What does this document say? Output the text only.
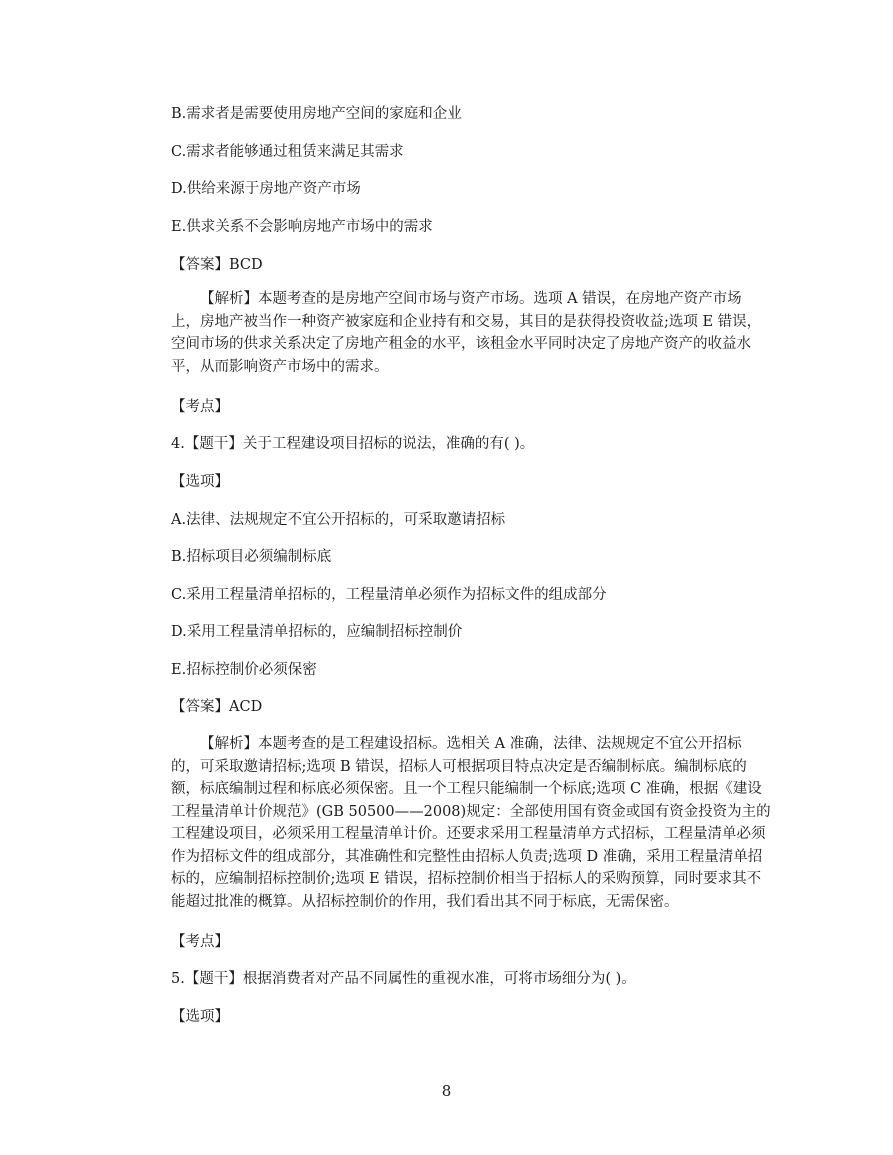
B.需求者是需要使用房地产空间的家庭和企业
C.需求者能够通过租赁来满足其需求
D.供给来源于房地产资产市场
E.供求关系不会影响房地产市场中的需求
【答案】BCD
【解析】本题考查的是房地产空间市场与资产市场。选项 A 错误，在房地产资产市场
上，房地产被当作一种资产被家庭和企业持有和交易，其目的是获得投资收益;选项 E 错误，
空间市场的供求关系决定了房地产租金的水平，该租金水平同时决定了房地产资产的收益水
平，从而影响资产市场中的需求。
【考点】
4.【题干】关于工程建设项目招标的说法，准确的有( )。
【选项】
A.法律、法规规定不宜公开招标的，可采取邀请招标
B.招标项目必须编制标底
C.采用工程量清单招标的，工程量清单必须作为招标文件的组成部分
D.采用工程量清单招标的，应编制招标控制价
E.招标控制价必须保密
【答案】ACD
【解析】本题考查的是工程建设招标。选相关 A 准确，法律、法规规定不宜公开招标
的，可采取邀请招标;选项 B 错误，招标人可根据项目特点决定是否编制标底。编制标底的
额，标底编制过程和标底必须保密。且一个工程只能编制一个标底;选项 C 准确，根据《建设
工程量清单计价规范》(GB 50500——2008)规定：全部使用国有资金或国有资金投资为主的
工程建设项目，必须采用工程量清单计价。还要求采用工程量清单方式招标，工程量清单必须
作为招标文件的组成部分，其准确性和完整性由招标人负责;选项 D 准确，采用工程量清单招
标的，应编制招标控制价;选项 E 错误，招标控制价相当于招标人的采购预算，同时要求其不
能超过批准的概算。从招标控制价的作用，我们看出其不同于标底，无需保密。
【考点】
5.【题干】根据消费者对产品不同属性的重视水准，可将市场细分为( )。
【选项】
8
